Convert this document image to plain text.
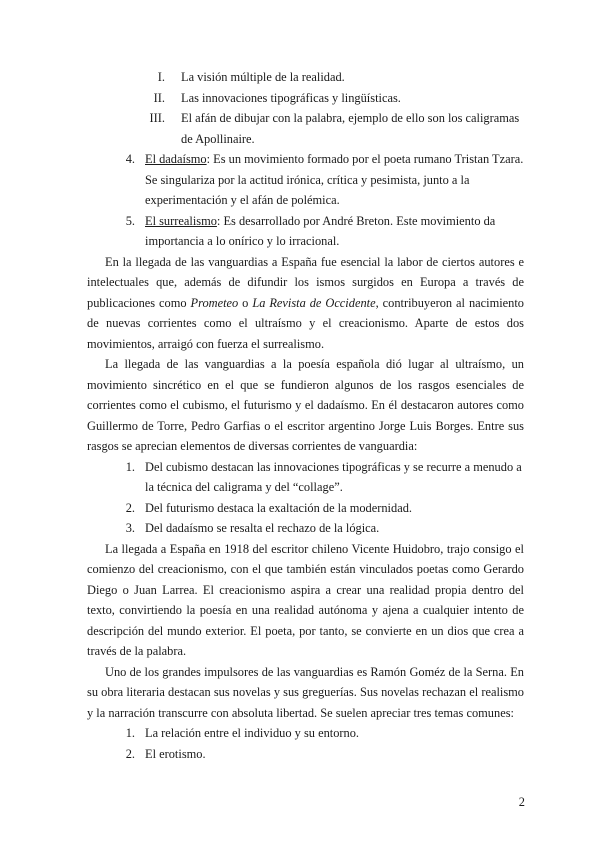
I. La visión múltiple de la realidad.
II. Las innovaciones tipográficas y lingüísticas.
III. El afán de dibujar con la palabra, ejemplo de ello son los caligramas de Apollinaire.
4. El dadaísmo: Es un movimiento formado por el poeta rumano Tristan Tzara. Se singulariza por la actitud irónica, crítica y pesimista, junto a la experimentación y el afán de polémica.
5. El surrealismo: Es desarrollado por André Breton. Este movimiento da importancia a lo onírico y lo irracional.

En la llegada de las vanguardias a España fue esencial la labor de ciertos autores e intelectuales que, además de difundir los ismos surgidos en Europa a través de publicaciones como Prometeo o La Revista de Occidente, contribuyeron al nacimiento de nuevas corrientes como el ultraísmo y el creacionismo. Aparte de estos dos movimientos, arraigó con fuerza el surrealismo.

La llegada de las vanguardias a la poesía española dió lugar al ultraísmo, un movimiento sincrético en el que se fundieron algunos de los rasgos esenciales de corrientes como el cubismo, el futurismo y el dadaísmo. En él destacaron autores como Guillermo de Torre, Pedro Garfias o el escritor argentino Jorge Luis Borges. Entre sus rasgos se aprecian elementos de diversas corrientes de vanguardia:

1. Del cubismo destacan las innovaciones tipográficas y se recurre a menudo a la técnica del caligrama y del “collage”.
2. Del futurismo destaca la exaltación de la modernidad.
3. Del dadaísmo se resalta el rechazo de la lógica.

La llegada a España en 1918 del escritor chileno Vicente Huidobro, trajo consigo el comienzo del creacionismo, con el que también están vinculados poetas como Gerardo Diego o Juan Larrea. El creacionismo aspira a crear una realidad propia dentro del texto, convirtiendo la poesía en una realidad autónoma y ajena a cualquier intento de descripción del mundo exterior. El poeta, por tanto, se convierte en un dios que crea a través de la palabra.

Uno de los grandes impulsores de las vanguardias es Ramón Goméz de la Serna. En su obra literaria destacan sus novelas y sus greguerías. Sus novelas rechazan el realismo y la narración transcurre con absoluta libertad. Se suelen apreciar tres temas comunes:

1. La relación entre el individuo y su entorno.
2. El erotismo.
2
